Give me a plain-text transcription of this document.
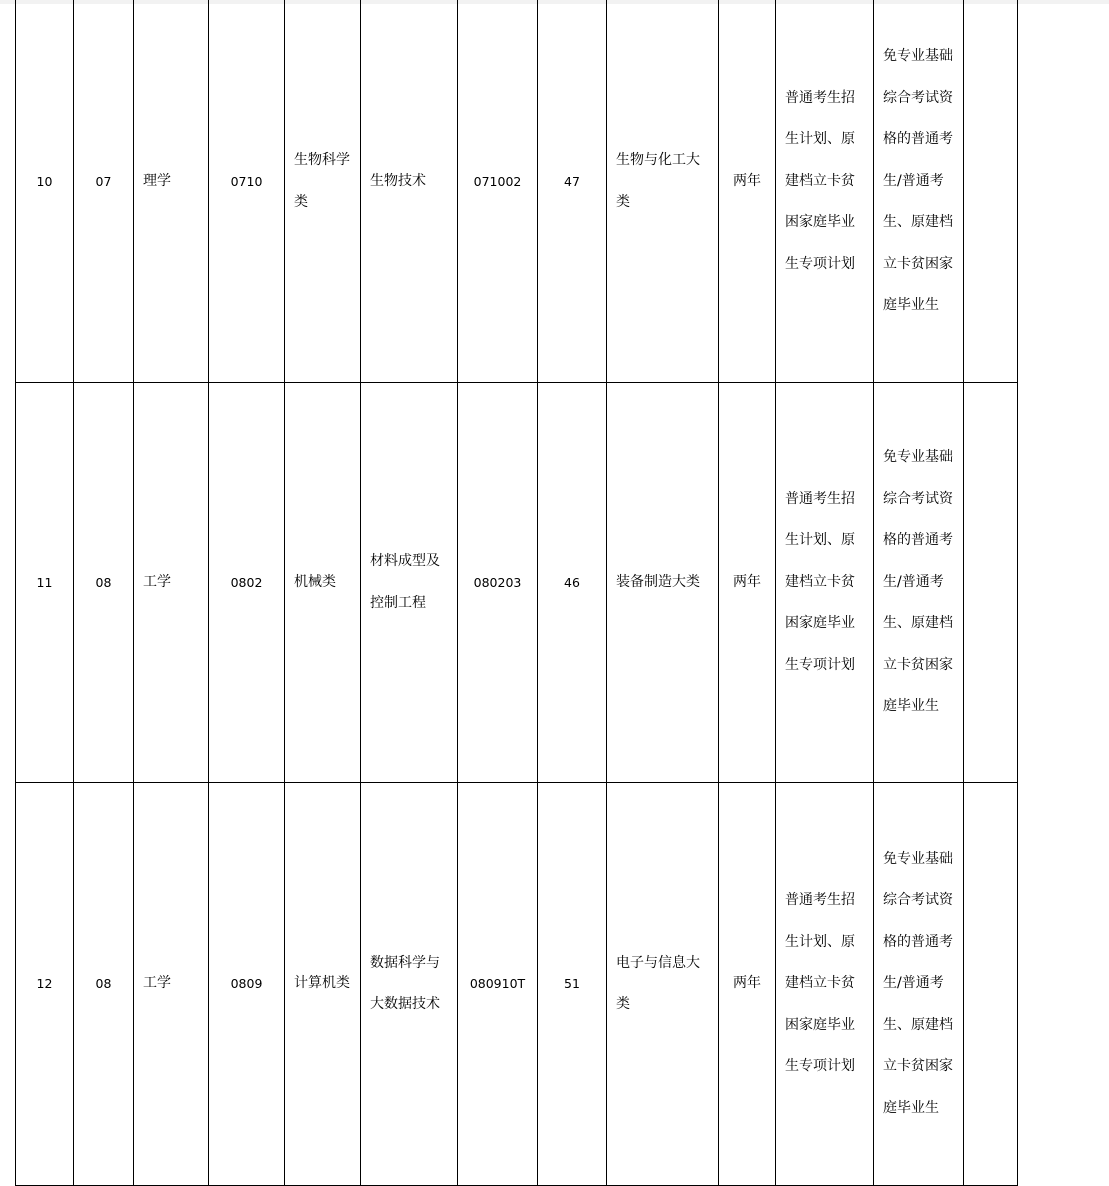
10	07	理学	0710	生物科学类	生物技术	071002	47	生物与化工大类	两年	普通考生招生计划、原建档立卡贫困家庭毕业生专项计划	免专业基础综合考试资格的普通考生/普通考生、原建档立卡贫困家庭毕业生	
11	08	工学	0802	机械类	材料成型及控制工程	080203	46	装备制造大类	两年	普通考生招生计划、原建档立卡贫困家庭毕业生专项计划	免专业基础综合考试资格的普通考生/普通考生、原建档立卡贫困家庭毕业生	
12	08	工学	0809	计算机类	数据科学与大数据技术	080910T	51	电子与信息大类	两年	普通考生招生计划、原建档立卡贫困家庭毕业生专项计划	免专业基础综合考试资格的普通考生/普通考生、原建档立卡贫困家庭毕业生	
